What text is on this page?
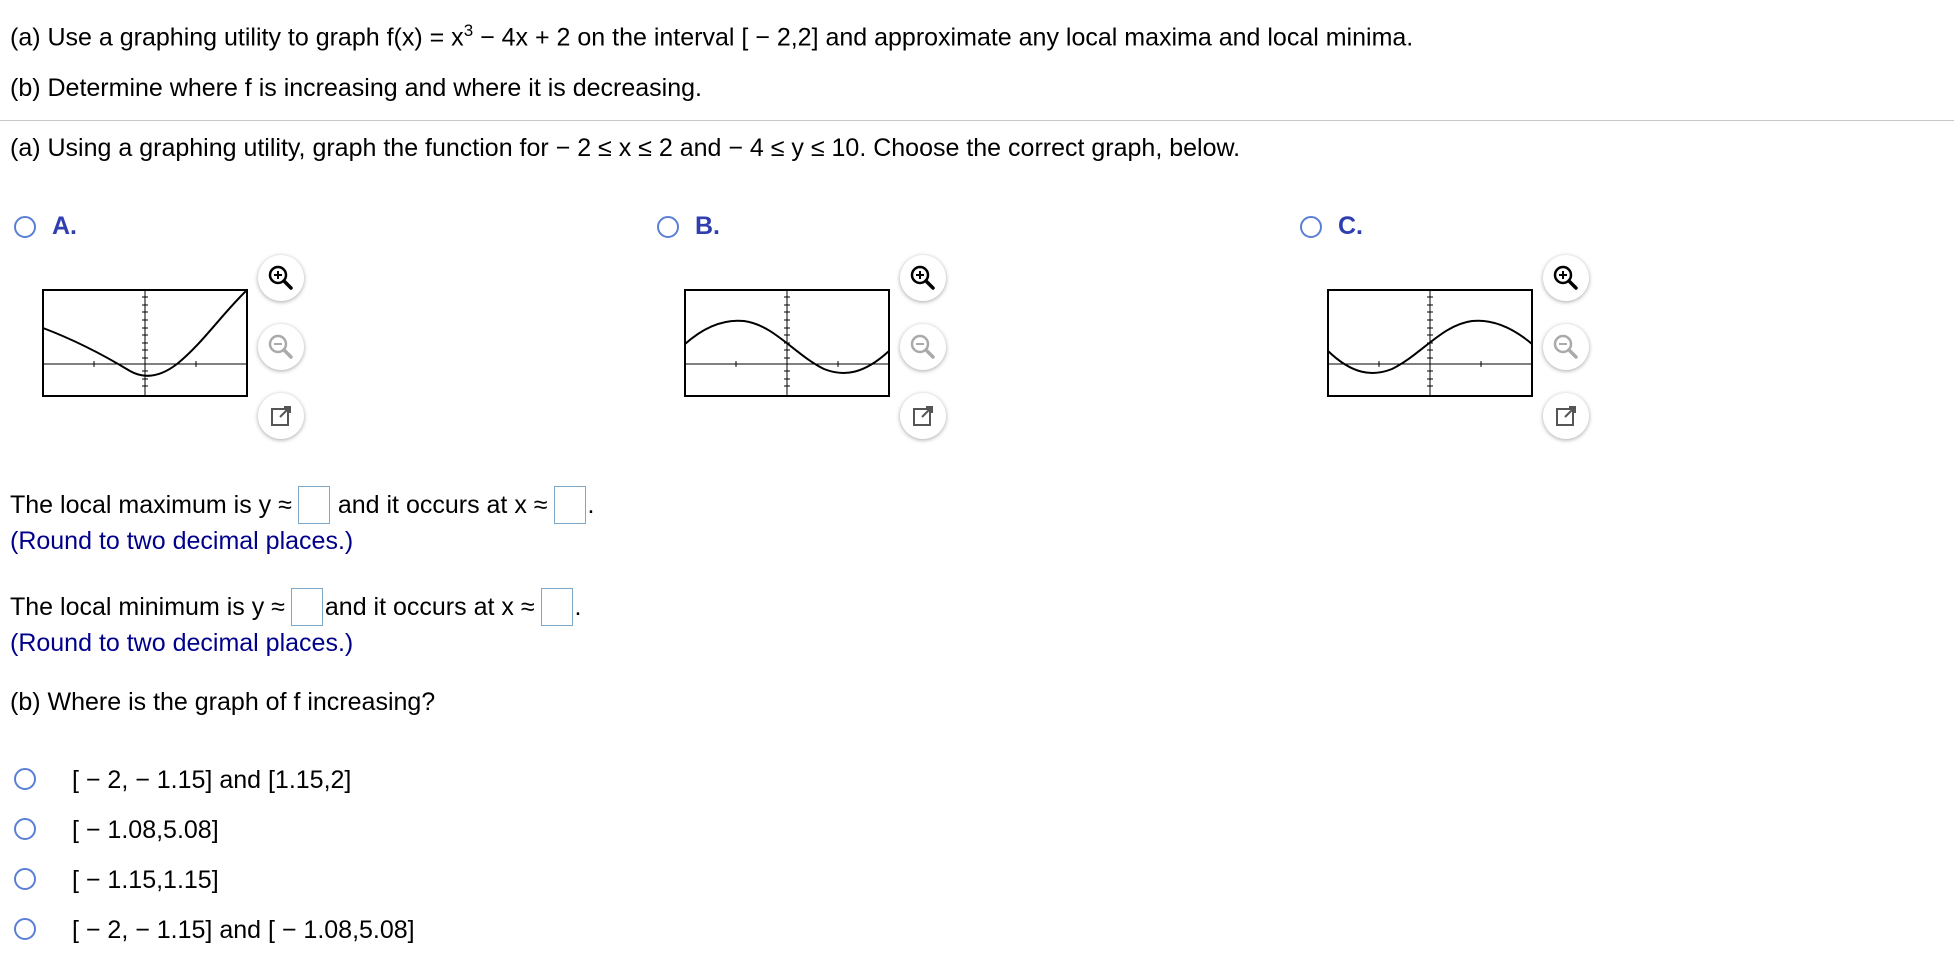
(a) Use a graphing utility to graph $f(x) = x^3 - 4x + 2$ on the interval [ − 2,2] and approximate any local maxima and local minima.
(b) Determine where f is increasing and where it is decreasing.
(a) Using a graphing utility, graph the function for − 2 ≤ x ≤ 2 and − 4 ≤ y ≤ 10. Choose the correct graph, below.
A.	B.	C.
The local maximum is y ≈ and it occurs at x ≈ .
(Round to two decimal places.)
The local minimum is y ≈ and it occurs at x ≈ .
(Round to two decimal places.)
(b) Where is the graph of f increasing?
[ − 2, − 1.15] and [1.15,2]
[ − 1.08,5.08]
[ − 1.15,1.15]
[ − 2, − 1.15] and [ − 1.08,5.08]
